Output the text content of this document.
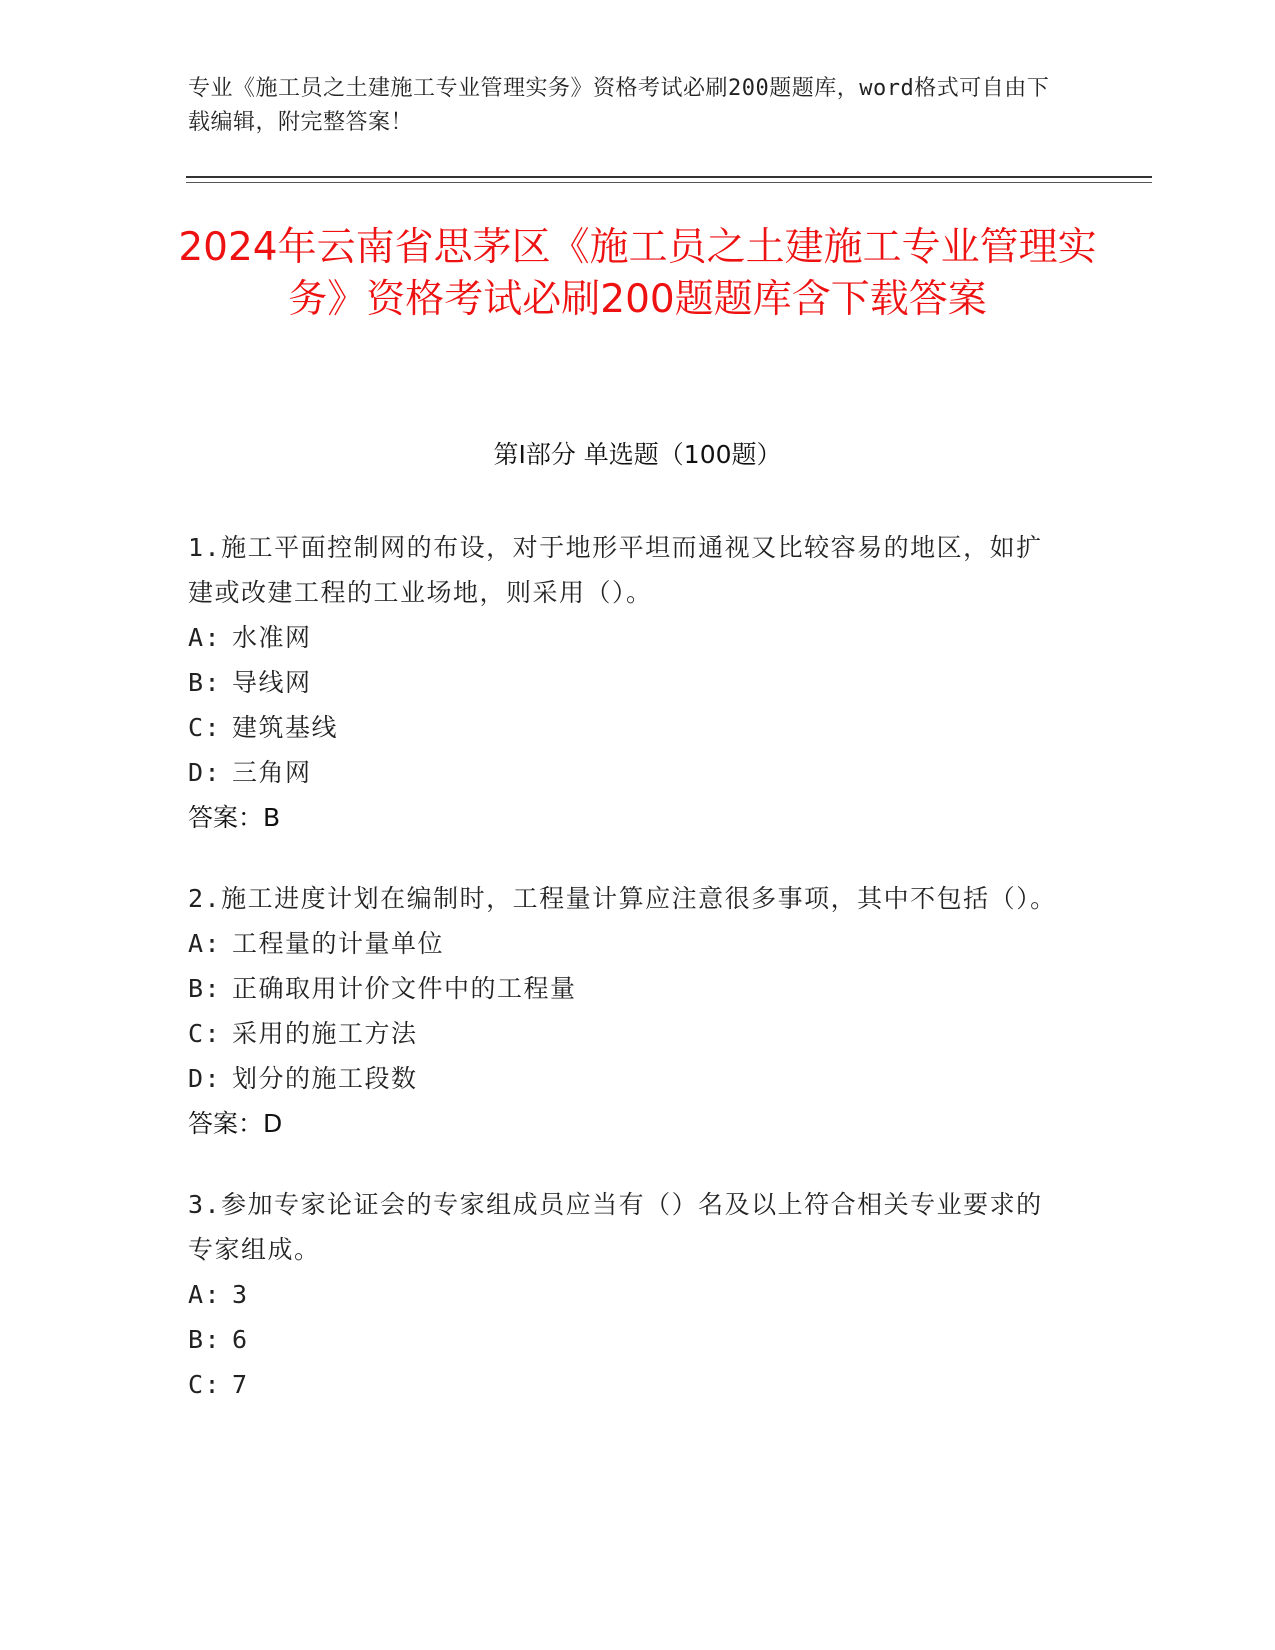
专业《施工员之土建施工专业管理实务》资格考试必刷200题题库，word格式可自由下载编辑，附完整答案！
2024年云南省思茅区《施工员之土建施工专业管理实务》资格考试必刷200题题库含下载答案
第Ⅰ部分 单选题（100题）
1.施工平面控制网的布设，对于地形平坦而通视又比较容易的地区，如扩建或改建工程的工业场地，则采用（）。
A: 水准网
B: 导线网
C: 建筑基线
D: 三角网
答案：B
2.施工进度计划在编制时，工程量计算应注意很多事项，其中不包括（）。
A: 工程量的计量单位
B: 正确取用计价文件中的工程量
C: 采用的施工方法
D: 划分的施工段数
答案：D
3.参加专家论证会的专家组成员应当有（）名及以上符合相关专业要求的专家组成。
A: 3
B: 6
C: 7
